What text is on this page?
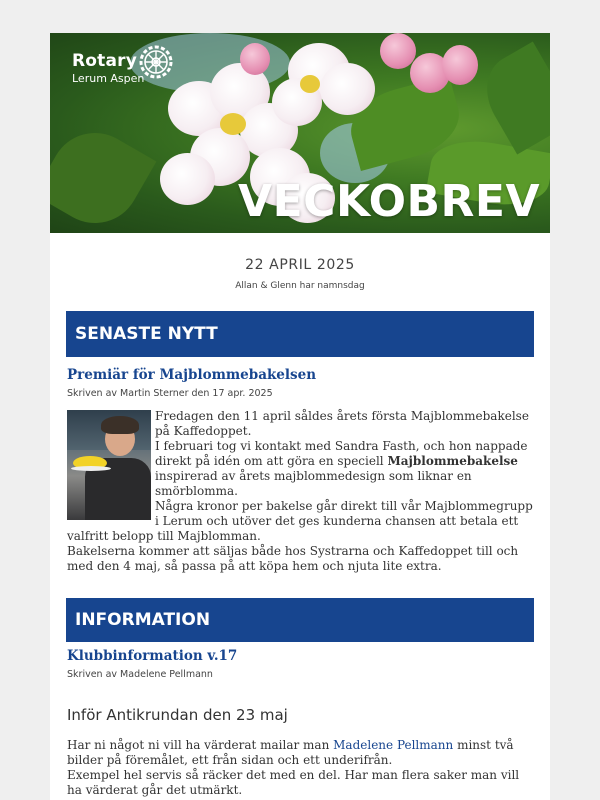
Rotary
Lerum Aspen
VECKOBREV
22 APRIL 2025
Allan & Glenn har namnsdag
SENASTE NYTT
Premiär för Majblommebakelsen
Skriven av Martin Sterner den 17 apr. 2025

Fredagen den 11 april såldes årets första Majblommebakelse på Kaffedoppet.

I februari tog vi kontakt med Sandra Fasth, och hon nappade direkt på idén om att göra en speciell Majblommebakelse inspirerad av årets majblommedesign som liknar en smörblomma.

Några kronor per bakelse går direkt till vår Majblommegrupp i Lerum och utöver det ges kunderna chansen att betala ett valfritt belopp till Majblomman.

Bakelserna kommer att säljas både hos Systrarna och Kaffedoppet till och med den 4 maj, så passa på att köpa hem och njuta lite extra.

INFORMATION
Klubbinformation v.17
Skriven av Madelene Pellmann
Inför Antikrundan den 23 maj

Har ni något ni vill ha värderat mailar man Madelene Pellmann minst två bilder på föremålet, ett från sidan och ett underifrån.

Exempel hel servis så räcker det med en del. Har man flera saker man vill ha värderat går det utmärkt.
